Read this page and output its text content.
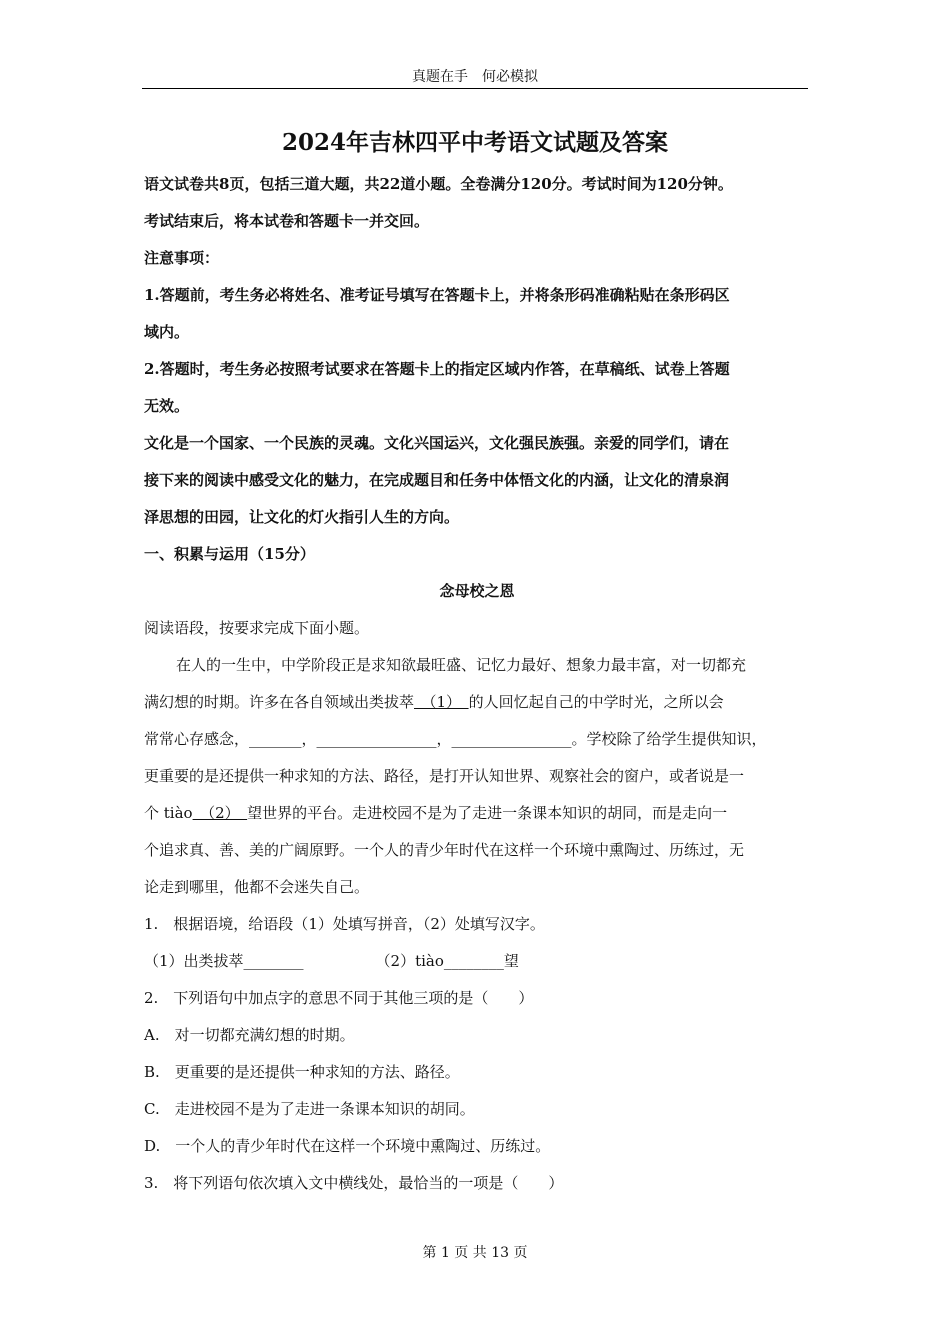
真题在手　何必模拟
2024年吉林四平中考语文试题及答案
语文试卷共8页，包括三道大题，共22道小题。全卷满分120分。考试时间为120分钟。
考试结束后，将本试卷和答题卡一并交回。
注意事项：
1.答题前，考生务必将姓名、准考证号填写在答题卡上，并将条形码准确粘贴在条形码区
域内。
2.答题时，考生务必按照考试要求在答题卡上的指定区域内作答，在草稿纸、试卷上答题
无效。
文化是一个国家、一个民族的灵魂。文化兴国运兴，文化强民族强。亲爱的同学们，请在
接下来的阅读中感受文化的魅力，在完成题目和任务中体悟文化的内涵，让文化的清泉润
泽思想的田园，让文化的灯火指引人生的方向。
一、积累与运用（15分）
念母校之恩
阅读语段，按要求完成下面小题。
在人的一生中，中学阶段正是求知欲最旺盛、记忆力最好、想象力最丰富，对一切都充
满幻想的时期。许多在各自领域出类拔萃　（1）　的人回忆起自己的中学时光，之所以会
常常心存感念，_______，________________，________________。学校除了给学生提供知识，
更重要的是还提供一种求知的方法、路径，是打开认知世界、观察社会的窗户，或者说是一
个 tiào　（2）　望世界的平台。走进校园不是为了走进一条课本知识的胡同，而是走向一
个追求真、善、美的广阔原野。一个人的青少年时代在这样一个环境中熏陶过、历练过，无
论走到哪里，他都不会迷失自己。
1.　根据语境，给语段（1）处填写拼音，（2）处填写汉字。
（1）出类拔萃________	（2）tiào________望
2.　下列语句中加点字的意思不同于其他三项的是（　　）
A.　对一切都充满幻想的时期。
B.　更重要的是还提供一种求知的方法、路径。
C.　走进校园不是为了走进一条课本知识的胡同。
D.　一个人的青少年时代在这样一个环境中熏陶过、历练过。
3.　将下列语句依次填入文中横线处，最恰当的一项是（　　）
第 1 页 共 13 页
